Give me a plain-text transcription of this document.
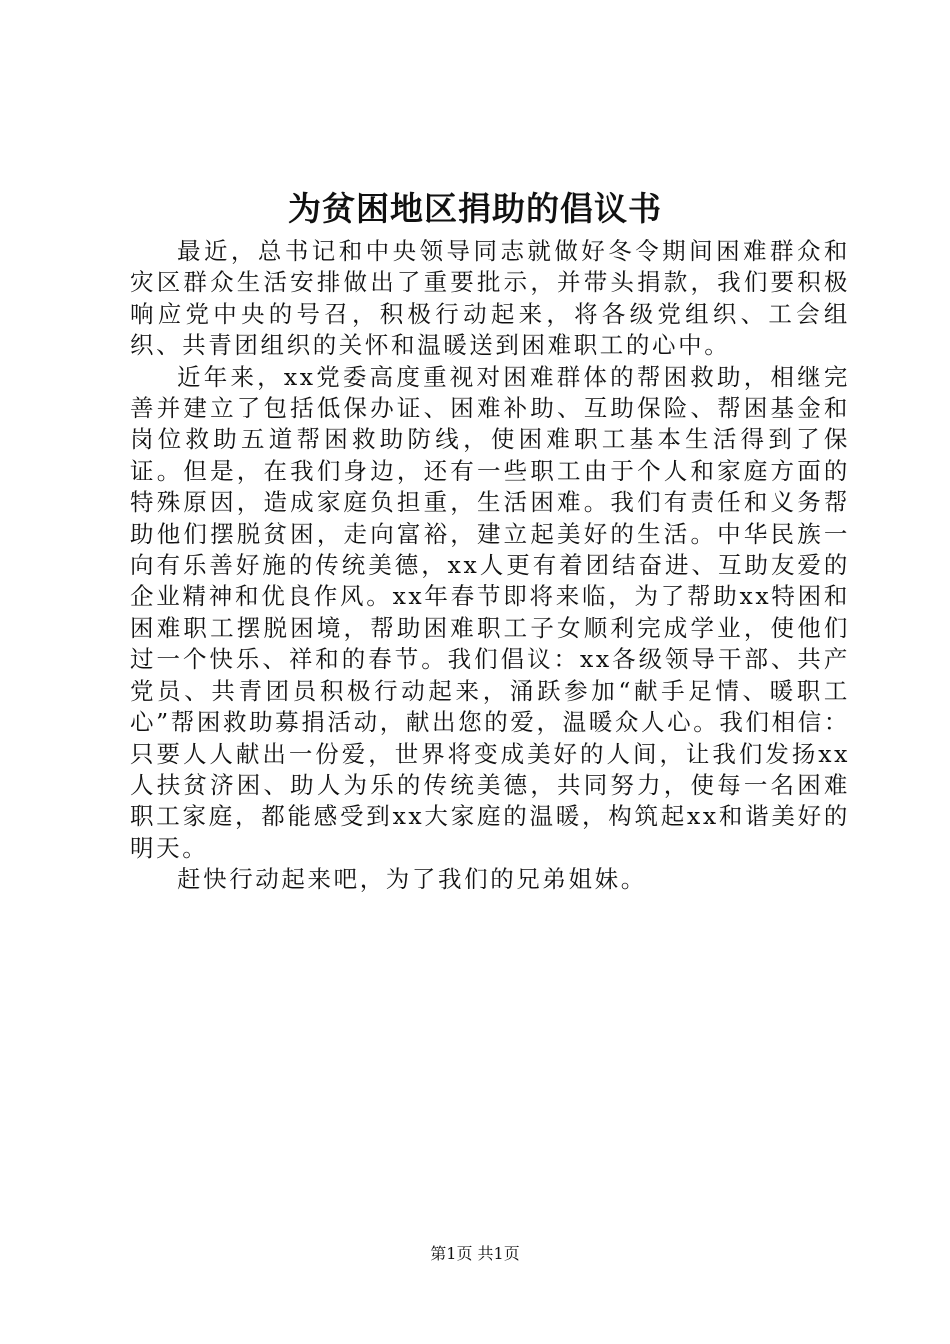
为贫困地区捐助的倡议书

最近，总书记和中央领导同志就做好冬令期间困难群众和灾区群众生活安排做出了重要批示，并带头捐款，我们要积极响应党中央的号召，积极行动起来，将各级党组织、工会组织、共青团组织的关怀和温暖送到困难职工的心中。

近年来，xx党委高度重视对困难群体的帮困救助，相继完善并建立了包括低保办证、困难补助、互助保险、帮困基金和岗位救助五道帮困救助防线，使困难职工基本生活得到了保证。但是，在我们身边，还有一些职工由于个人和家庭方面的特殊原因，造成家庭负担重，生活困难。我们有责任和义务帮助他们摆脱贫困，走向富裕，建立起美好的生活。中华民族一向有乐善好施的传统美德，xx人更有着团结奋进、互助友爱的企业精神和优良作风。xx年春节即将来临，为了帮助xx特困和困难职工摆脱困境，帮助困难职工子女顺利完成学业，使他们过一个快乐、祥和的春节。我们倡议：xx各级领导干部、共产党员、共青团员积极行动起来，涌跃参加“献手足情、暖职工心”帮困救助募捐活动，献出您的爱，温暖众人心。我们相信：只要人人献出一份爱，世界将变成美好的人间，让我们发扬xx人扶贫济困、助人为乐的传统美德，共同努力，使每一名困难职工家庭，都能感受到xx大家庭的温暖，构筑起xx和谐美好的明天。

赶快行动起来吧，为了我们的兄弟姐妹。

第1页 共1页
